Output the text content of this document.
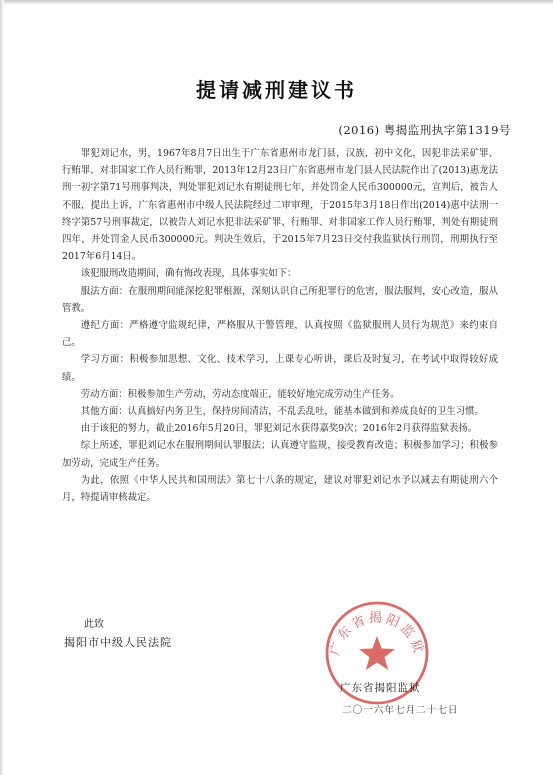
提请减刑建议书
(2016) 粤揭监刑执字第1319号

罪犯刘记水，男，1967年8月7日出生于广东省惠州市龙门县，汉族，初中文化，因犯非法采矿罪、行贿罪、对非国家工作人员行贿罪，2013年12月23日广东省惠州市龙门县人民法院作出了(2013)惠龙法刑一初字第71号刑事判决，判处罪犯刘记水有期徒刑七年，并处罚金人民币300000元，宣判后，被告人不服，提出上诉，广东省惠州市中级人民法院经过二审审理，于2015年3月18日作出(2014)惠中法刑一终字第57号刑事裁定，以被告人刘记水犯非法采矿罪、行贿罪、对非国家工作人员行贿罪，判处有期徒刑四年，并处罚金人民币300000元。判决生效后，于2015年7月23日交付我监狱执行刑罚，刑期执行至2017年6月14日。

该犯服刑改造期间，确有悔改表现，具体事实如下：

服法方面：在服刑期间能深挖犯罪根源，深刻认识自己所犯罪行的危害，服法服判，安心改造，服从管教。

遵纪方面：严格遵守监规纪律，严格服从干警管理，认真按照《监狱服刑人员行为规范》来约束自己。

学习方面：积极参加思想、文化、技术学习，上课专心听讲，课后及时复习，在考试中取得较好成绩。

劳动方面：积极参加生产劳动，劳动态度端正，能较好地完成劳动生产任务。

其他方面：认真搞好内务卫生，保持房间清洁，不乱丢乱吐，能基本做到和养成良好的卫生习惯。

由于该犯的努力，截止2016年5月20日，罪犯刘记水获得嘉奖9次；2016年2月获得监狱表扬。

综上所述，罪犯刘记水在服刑期间认罪服法；认真遵守监规，接受教育改造；积极参加学习；积极参加劳动，完成生产任务。

为此，依照《中华人民共和国刑法》第七十八条的规定，建议对罪犯刘记水予以减去有期徒刑六个月，特提请审核裁定。

此致
揭阳市中级人民法院	广东省揭阳监狱
广东省揭阳监狱
二〇一六年七月二十七日
